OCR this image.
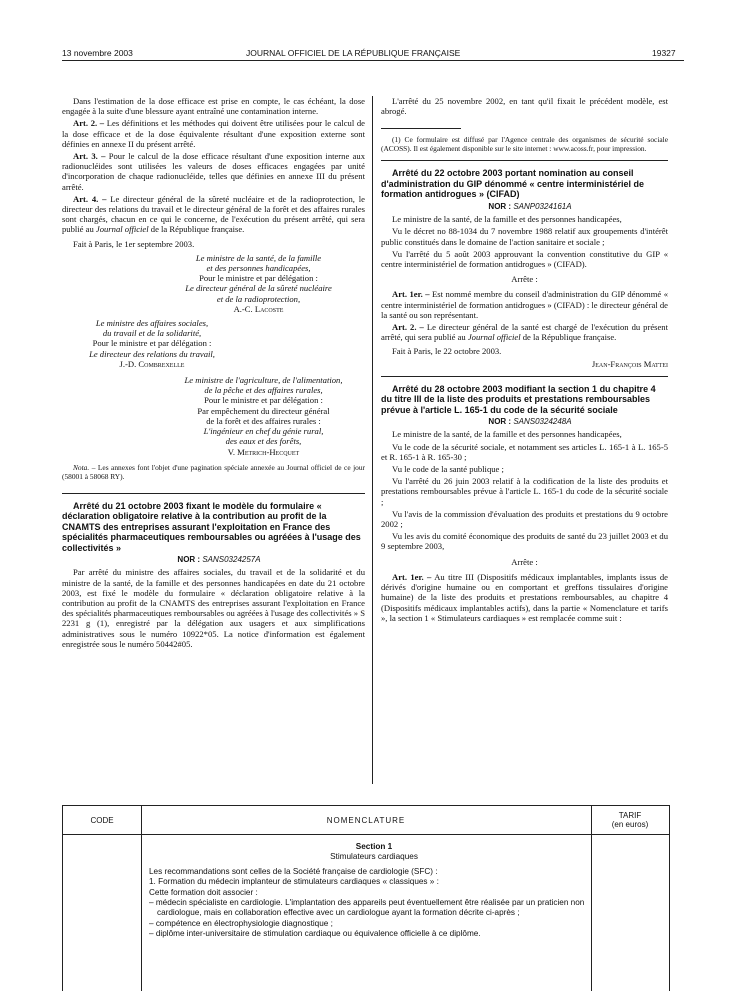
13 novembre 2003	JOURNAL OFFICIEL DE LA RÉPUBLIQUE FRANÇAISE	19327

Dans l'estimation de la dose efficace est prise en compte, le cas échéant, la dose engagée à la suite d'une blessure ayant entraîné une contamination interne.

Art. 2. – Les définitions et les méthodes qui doivent être utilisées pour le calcul de la dose efficace et de la dose équivalente résultant d'une exposition externe sont définies en annexe II du présent arrêté.

Art. 3. – Pour le calcul de la dose efficace résultant d'une exposition interne aux radionucléides sont utilisées les valeurs de doses efficaces engagées par unité d'incorporation de chaque radionucléide, telles que définies en annexe III du présent arrêté.

Art. 4. – Le directeur général de la sûreté nucléaire et de la radioprotection, le directeur des relations du travail et le directeur général de la forêt et des affaires rurales sont chargés, chacun en ce qui le concerne, de l'exécution du présent arrêté, qui sera publié au Journal officiel de la République française.

Fait à Paris, le 1er septembre 2003.

Le ministre de la santé, de la famille
et des personnes handicapées,
Pour le ministre et par délégation :
Le directeur général de la sûreté nucléaire
et de la radioprotection,
A.-C. Lacoste
Le ministre des affaires sociales,
du travail et de la solidarité,
Pour le ministre et par délégation :
Le directeur des relations du travail,
J.-D. Combrexelle
Le ministre de l'agriculture, de l'alimentation,
de la pêche et des affaires rurales,
Pour le ministre et par délégation :
Par empêchement du directeur général
de la forêt et des affaires rurales :
L'ingénieur en chef du génie rural,
des eaux et des forêts,
V. Metrich-Hecquet

Nota. – Les annexes font l'objet d'une pagination spéciale annexée au Journal officiel de ce jour (58001 à 58068 RY).

Arrêté du 21 octobre 2003 fixant le modèle du formulaire « déclaration obligatoire relative à la contribution au profit de la CNAMTS des entreprises assurant l'exploitation en France des spécialités pharmaceutiques remboursables ou agréées à l'usage des collectivités »

NOR : SANS0324257A

Par arrêté du ministre des affaires sociales, du travail et de la solidarité et du ministre de la santé, de la famille et des personnes handicapées en date du 21 octobre 2003, est fixé le modèle du formulaire « déclaration obligatoire relative à la contribution au profit de la CNAMTS des entreprises assurant l'exploitation en France des spécialités pharmaceutiques remboursables ou agréées à l'usage des collectivités » S 2231 g (1), enregistré par la délégation aux usagers et aux simplifications administratives sous le numéro 10922*05. La notice d'information est également enregistrée sous le numéro 50442#05.

L'arrêté du 25 novembre 2002, en tant qu'il fixait le précédent modèle, est abrogé.

(1) Ce formulaire est diffusé par l'Agence centrale des organismes de sécurité sociale (ACOSS). Il est également disponible sur le site internet : www.acoss.fr, pour impression.

Arrêté du 22 octobre 2003 portant nomination au conseil d'administration du GIP dénommé « centre interministériel de formation antidrogues » (CIFAD)

NOR : SANP0324161A

Le ministre de la santé, de la famille et des personnes handicapées,

Vu le décret no 88-1034 du 7 novembre 1988 relatif aux groupements d'intérêt public constitués dans le domaine de l'action sanitaire et sociale ;

Vu l'arrêté du 5 août 2003 approuvant la convention constitutive du GIP « centre interministériel de formation antidrogues » (CIFAD).

Arrête :

Art. 1er. – Est nommé membre du conseil d'administration du GIP dénommé « centre interministériel de formation antidrogues » (CIFAD) : le directeur général de la santé ou son représentant.

Art. 2. – Le directeur général de la santé est chargé de l'exécution du présent arrêté, qui sera publié au Journal officiel de la République française.

Fait à Paris, le 22 octobre 2003.

Jean-François Mattei

Arrêté du 28 octobre 2003 modifiant la section 1 du chapitre 4 du titre III de la liste des produits et prestations remboursables prévue à l'article L. 165-1 du code de la sécurité sociale

NOR : SANS0324248A

Le ministre de la santé, de la famille et des personnes handicapées,

Vu le code de la sécurité sociale, et notamment ses articles L. 165-1 à L. 165-5 et R. 165-1 à R. 165-30 ;

Vu le code de la santé publique ;

Vu l'arrêté du 26 juin 2003 relatif à la codification de la liste des produits et prestations remboursables prévue à l'article L. 165-1 du code de la sécurité sociale ;

Vu l'avis de la commission d'évaluation des produits et prestations du 9 octobre 2002 ;

Vu les avis du comité économique des produits de santé du 23 juillet 2003 et du 9 septembre 2003,

Arrête :

Art. 1er. – Au titre III (Dispositifs médicaux implantables, implants issus de dérivés d'origine humaine ou en comportant et greffons tissulaires d'origine humaine) de la liste des produits et prestations remboursables, au chapitre 4 (Dispositifs médicaux implantables actifs), dans la partie « Nomenclature et tarifs », la section 1 « Stimulateurs cardiaques » est remplacée comme suit :

CODE	NOMENCLATURE	TARIF
(en euros)
Section 1
Stimulateurs cardiaques
Les recommandations sont celles de la Société française de cardiologie (SFC) :
1. Formation du médecin implanteur de stimulateurs cardiaques « classiques » :
Cette formation doit associer :
– médecin spécialiste en cardiologie. L'implantation des appareils peut éventuellement être réalisée par un praticien non cardiologue, mais en collaboration effective avec un cardiologue ayant la formation décrite ci-après ;
– compétence en électrophysiologie diagnostique ;
– diplôme inter-universitaire de stimulation cardiaque ou équivalence officielle à ce diplôme.
